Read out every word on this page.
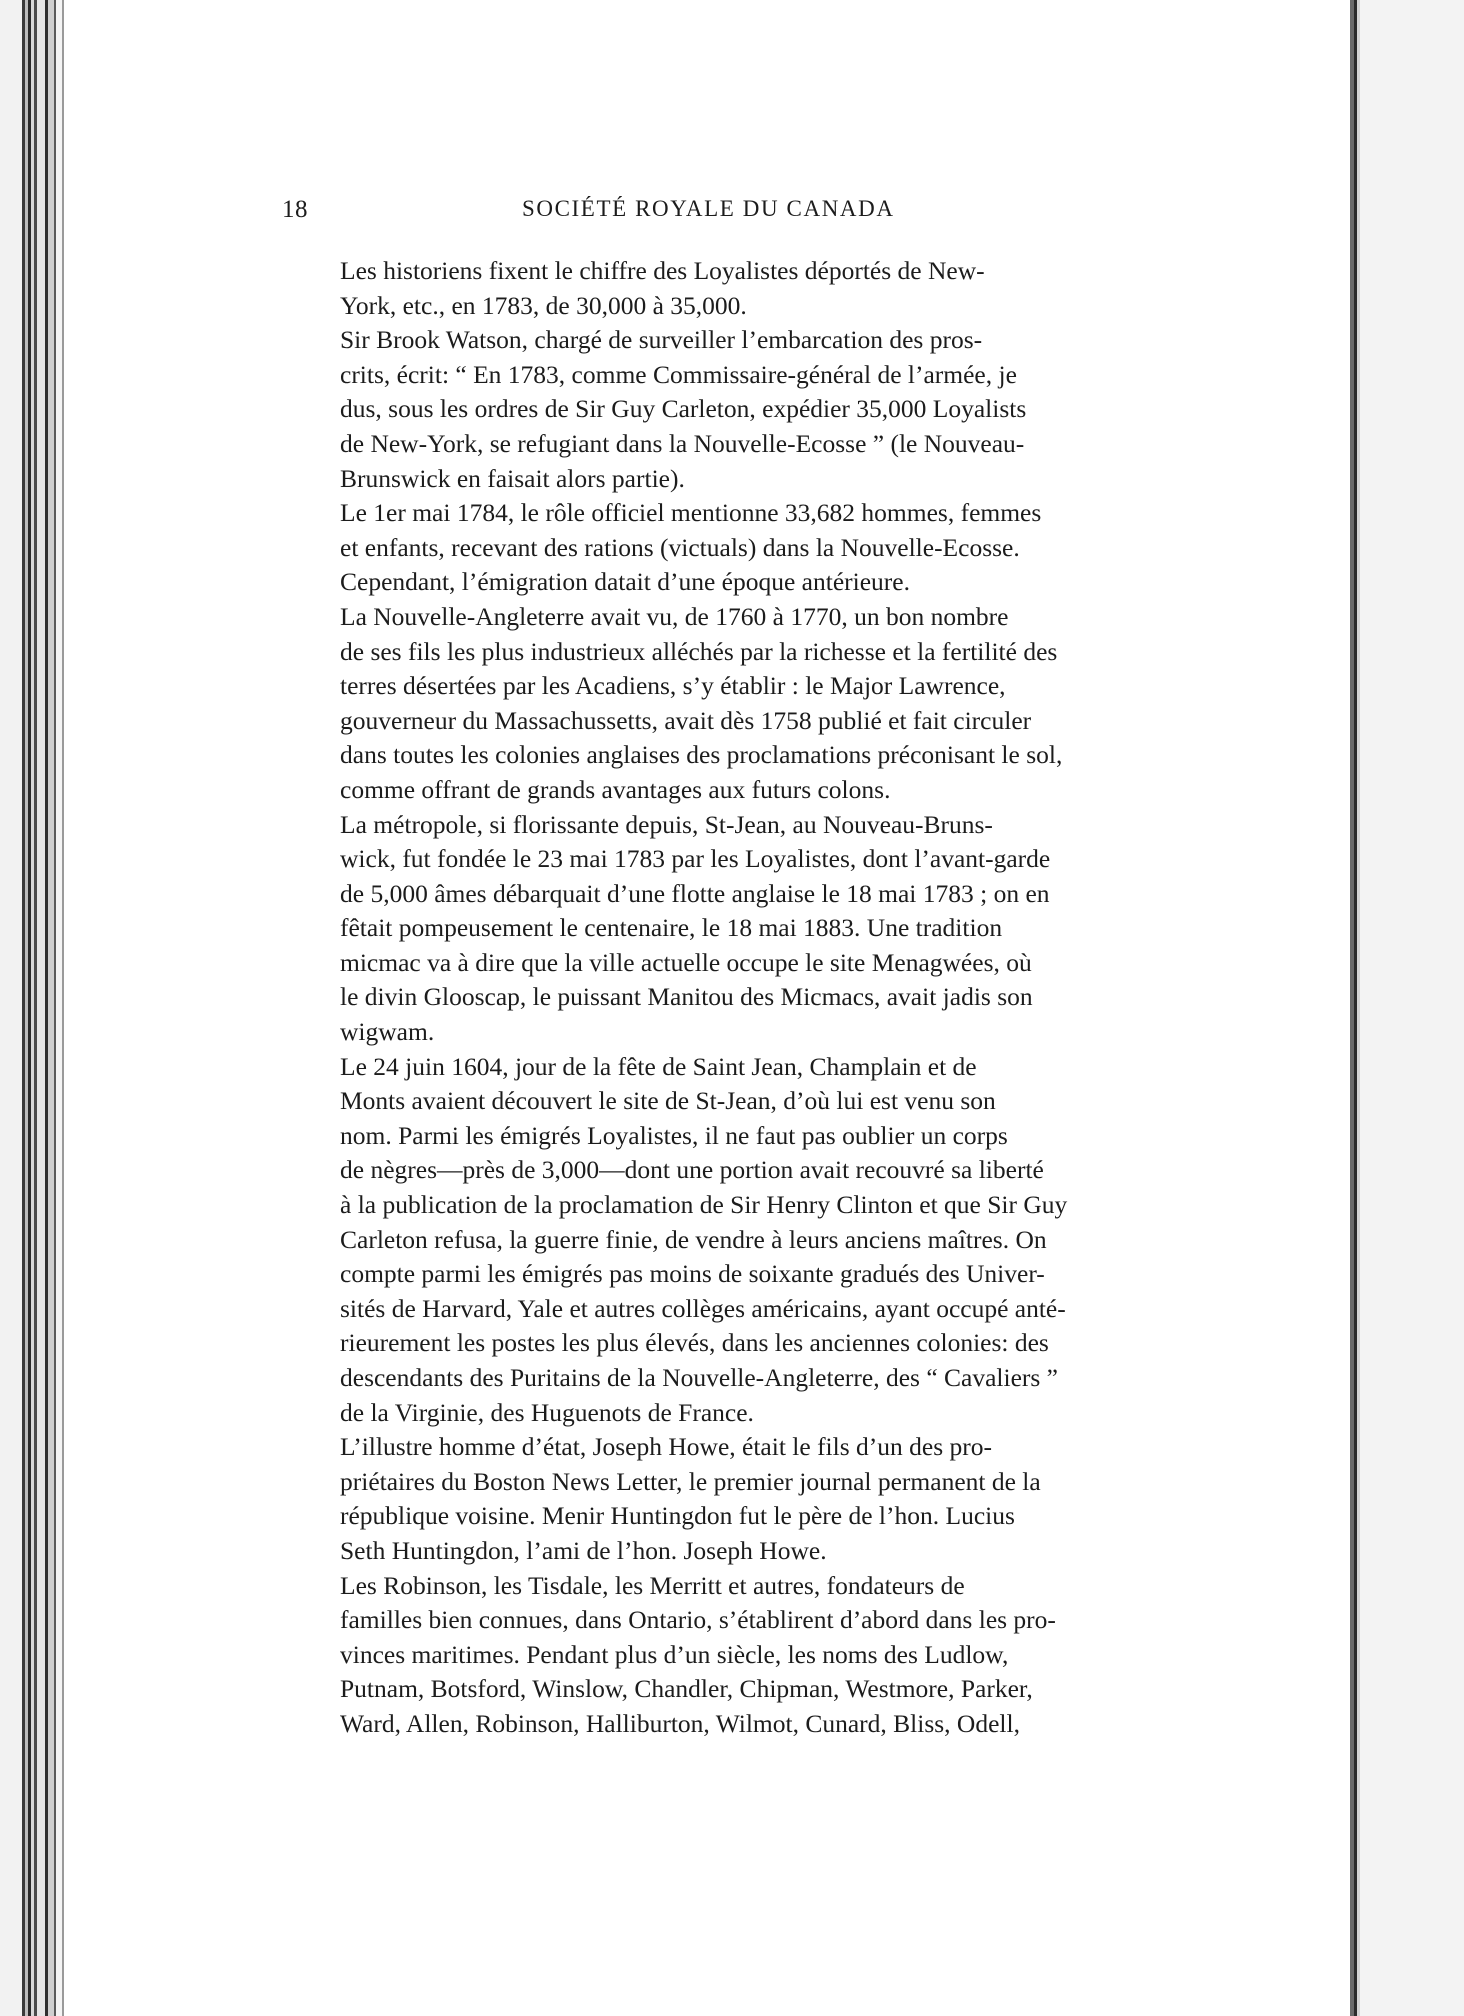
18	SOCIÉTÉ ROYALE DU CANADA

Les historiens fixent le chiffre des Loyalistes déportés de New-
York, etc., en 1783, de 30,000 à 35,000.

Sir Brook Watson, chargé de surveiller l’embarcation des pros-
crits, écrit: “ En 1783, comme Commissaire-général de l’armée, je
dus, sous les ordres de Sir Guy Carleton, expédier 35,000 Loyalists
de New-York, se refugiant dans la Nouvelle-Ecosse ” (le Nouveau-
Brunswick en faisait alors partie).

Le 1er mai 1784, le rôle officiel mentionne 33,682 hommes, femmes
et enfants, recevant des rations (victuals) dans la Nouvelle-Ecosse.

Cependant, l’émigration datait d’une époque antérieure.

La Nouvelle-Angleterre avait vu, de 1760 à 1770, un bon nombre
de ses fils les plus industrieux alléchés par la richesse et la fertilité des
terres désertées par les Acadiens, s’y établir : le Major Lawrence,
gouverneur du Massachussetts, avait dès 1758 publié et fait circuler
dans toutes les colonies anglaises des proclamations préconisant le sol,
comme offrant de grands avantages aux futurs colons.

La métropole, si florissante depuis, St-Jean, au Nouveau-Bruns-
wick, fut fondée le 23 mai 1783 par les Loyalistes, dont l’avant-garde
de 5,000 âmes débarquait d’une flotte anglaise le 18 mai 1783 ; on en
fêtait pompeusement le centenaire, le 18 mai 1883. Une tradition
micmac va à dire que la ville actuelle occupe le site Menagwées, où
le divin Glooscap, le puissant Manitou des Micmacs, avait jadis son
wigwam.

Le 24 juin 1604, jour de la fête de Saint Jean, Champlain et de
Monts avaient découvert le site de St-Jean, d’où lui est venu son
nom. Parmi les émigrés Loyalistes, il ne faut pas oublier un corps
de nègres—près de 3,000—dont une portion avait recouvré sa liberté
à la publication de la proclamation de Sir Henry Clinton et que Sir Guy
Carleton refusa, la guerre finie, de vendre à leurs anciens maîtres. On
compte parmi les émigrés pas moins de soixante gradués des Univer-
sités de Harvard, Yale et autres collèges américains, ayant occupé anté-
rieurement les postes les plus élevés, dans les anciennes colonies: des
descendants des Puritains de la Nouvelle-Angleterre, des “ Cavaliers ”
de la Virginie, des Huguenots de France.

L’illustre homme d’état, Joseph Howe, était le fils d’un des pro-
priétaires du Boston News Letter, le premier journal permanent de la
république voisine. Menir Huntingdon fut le père de l’hon. Lucius
Seth Huntingdon, l’ami de l’hon. Joseph Howe.

Les Robinson, les Tisdale, les Merritt et autres, fondateurs de
familles bien connues, dans Ontario, s’établirent d’abord dans les pro-
vinces maritimes. Pendant plus d’un siècle, les noms des Ludlow,
Putnam, Botsford, Winslow, Chandler, Chipman, Westmore, Parker,
Ward, Allen, Robinson, Halliburton, Wilmot, Cunard, Bliss, Odell,
